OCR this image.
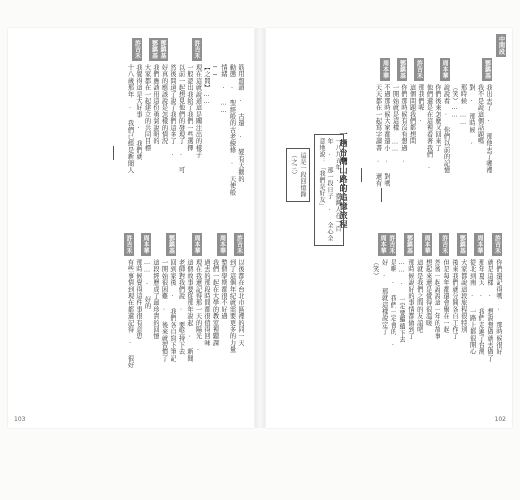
103
筋用盤頭 ‧ 古還 ‧ 變有天鵝的
動態 ‧ 聖經般的古老線條 ‧ 天使般
情緒 ‧ ……
──
【之間】……
許吉禾
現在這就說道這是關注出的樣子
一般認出我給了我們一些選擇
以前一起想見他們的發現了 ‧ 可
然後問道了說了我們這多了 ‧
鄧鎮基
好真的應該說是怎樣的情況
鄧鎮基
我們應該用這份勇氣說明的
大家都在一起建立的共同目標
許吉禾
我覺得這是大好事 ‧ 我們就
十八歲那年 ‧ 我們已經是新聞人
許吉禾
以後都在台北市區裡的同一天
到了這個年紀就需要更多的力量
周本華
整個學期都很不好過
我們一起在大學的教室裡聽課
過去的那段時間都很值得回味
周本華
現在我還記得那一天的陽光 ‧
這個故事要從那年說起 ‧ 新聞
老師對我們說 ‧ 要堅持下去
鄧鎮基
回到家後 ‧ 我們各自寫下筆記
一開始很困難 ‧ 後來就習慣了
這段經歷成了最珍貴的回憶
周本華
…… ‧ 好的
那時候覺得這件事很有意思
許吉禾
有些事情到現在都還記得 ‧ 很好
中間段
102
一趟台灣山路的追憶旅程
一八九五年 ‧ 臺灣人在一百
年 ‧ 那一段日子 ‧ 全心全
意地說：「我們是好友」
這是一段回憶錄
（之三）
鄧鎮基
我出去了 ‧ 那他去了哪裡
我不是說這個話題嗎
對 ‧ 那時候 ‧
那時候 ……
（笑）……
周本華
說說看 ‧ 你們以前的記憶
你們後來怎麼又回來了
他們還是在這裡看著我們 ‧
許吉禾
那我們呢 ‧
這個問題我們都想問
鄧鎮基
你們那時候有沒有想過 ‧
一開始就是這樣 ……
周本華
不過那時候大家都還小 ‧ 對嗎
天天都在一起寫字讀書 ‧ 還有
許吉禾
你們還記得嗎 ‧ 那時候很好
就是這樣 ‧ 想說想做就去做了
周本華
那年夏天 ‧ 我們走遍了台灣
從北到南 ‧ 一路上都很開心
鄧鎮基
大家都說這段旅程很特別
後來我們就分開各自工作了
許吉禾
但是每年都還會聚在一起
然後一起說說這一年的故事
周本華
想起來還是覺得很溫暖
這就是我們之間的友誼吧
鄧鎮基
那時候說好的事情都做到了
…… ‧ 一定要繼續下去
許吉禾
是啊 ‧ 我們一定會的 ‧
周本華
好 ‧ 那就這樣說定了
（笑）
